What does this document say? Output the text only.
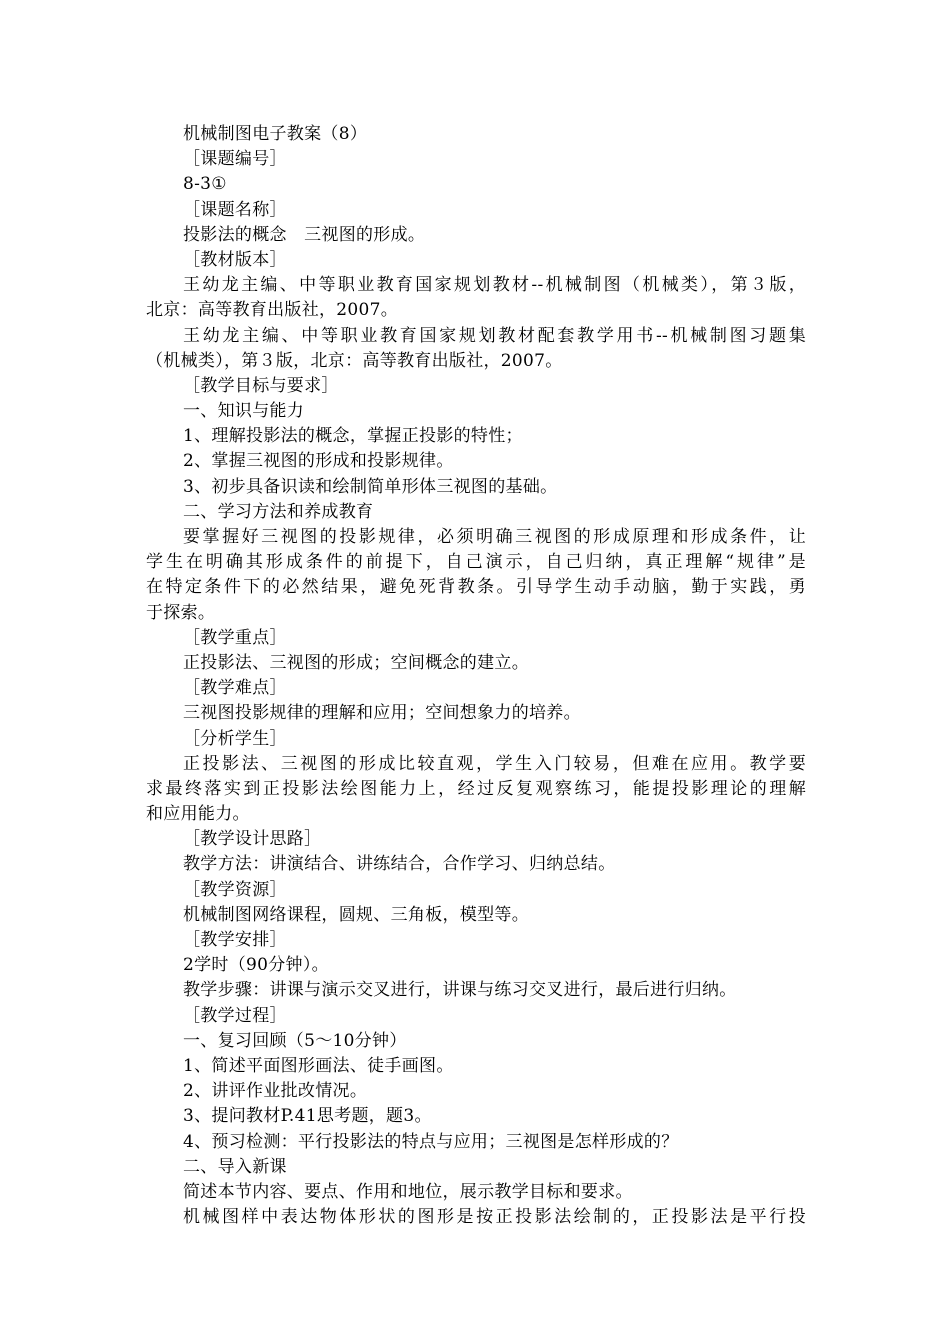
机械制图电子教案（8）
［课题编号］
8-3①
［课题名称］
投影法的概念　三视图的形成。
［教材版本］
王幼龙主编、中等职业教育国家规划教材--机械制图（机械类），第３版，
北京：高等教育出版社，2007。
王幼龙主编、中等职业教育国家规划教材配套教学用书--机械制图习题集
（机械类），第３版，北京：高等教育出版社，2007。
［教学目标与要求］
一、知识与能力
1、理解投影法的概念，掌握正投影的特性；
2、掌握三视图的形成和投影规律。
3、初步具备识读和绘制简单形体三视图的基础。
二、学习方法和养成教育
要掌握好三视图的投影规律，必须明确三视图的形成原理和形成条件，让
学生在明确其形成条件的前提下，自己演示，自己归纳，真正理解“规律”是
在特定条件下的必然结果，避免死背教条。引导学生动手动脑，勤于实践，勇
于探索。
［教学重点］
正投影法、三视图的形成；空间概念的建立。
［教学难点］
三视图投影规律的理解和应用；空间想象力的培养。
［分析学生］
正投影法、三视图的形成比较直观，学生入门较易，但难在应用。教学要
求最终落实到正投影法绘图能力上，经过反复观察练习，能提投影理论的理解
和应用能力。
［教学设计思路］
教学方法：讲演结合、讲练结合，合作学习、归纳总结。
［教学资源］
机械制图网络课程，圆规、三角板，模型等。
［教学安排］
2学时（90分钟）。
教学步骤：讲课与演示交叉进行，讲课与练习交叉进行，最后进行归纳。
［教学过程］
一、复习回顾（5～10分钟）
1、简述平面图形画法、徒手画图。
2、讲评作业批改情况。
3、提问教材P.41思考题，题3。
4、预习检测：平行投影法的特点与应用；三视图是怎样形成的？
二、导入新课
简述本节内容、要点、作用和地位，展示教学目标和要求。
机械图样中表达物体形状的图形是按正投影法绘制的，正投影法是平行投
